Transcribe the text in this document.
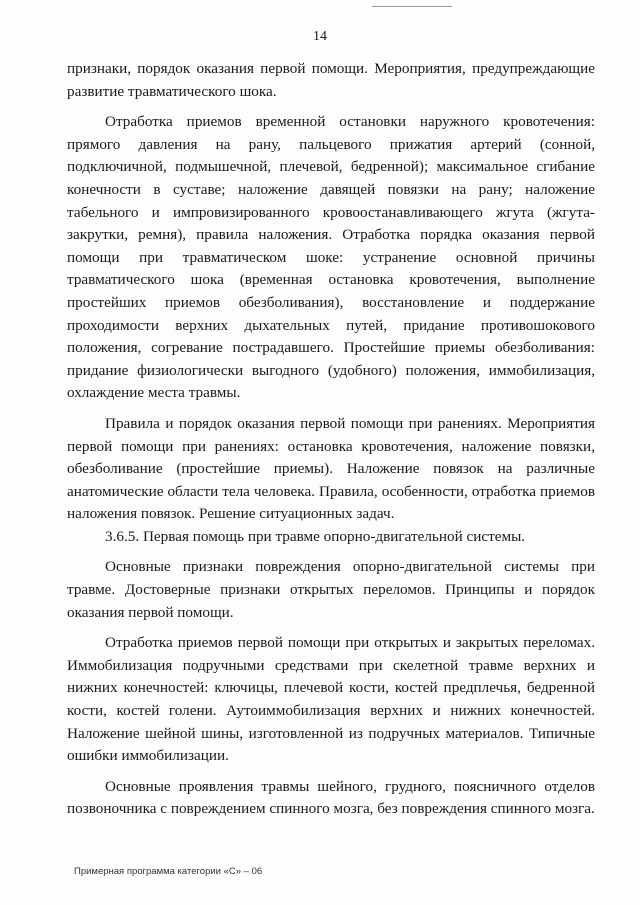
14

признаки, порядок оказания первой помощи. Мероприятия, предупреждающие развитие травматического шока.

Отработка приемов временной остановки наружного кровотечения: прямого давления на рану, пальцевого прижатия артерий (сонной, подключичной, подмышечной, плечевой, бедренной); максимальное сгибание конечности в суставе; наложение давящей повязки на рану; наложение табельного и импровизированного кровоостанавливающего жгута (жгута-закрутки, ремня), правила наложения. Отработка порядка оказания первой помощи при травматическом шоке: устранение основной причины травматического шока (временная остановка кровотечения, выполнение простейших приемов обезболивания), восстановление и поддержание проходимости верхних дыхательных путей, придание противошокового положения, согревание пострадавшего. Простейшие приемы обезболивания: придание физиологически выгодного (удобного) положения, иммобилизация, охлаждение места травмы.

Правила и порядок оказания первой помощи при ранениях. Мероприятия первой помощи при ранениях: остановка кровотечения, наложение повязки, обезболивание (простейшие приемы). Наложение повязок на различные анатомические области тела человека. Правила, особенности, отработка приемов наложения повязок. Решение ситуационных задач.

3.6.5. Первая помощь при травме опорно-двигательной системы.

Основные признаки повреждения опорно-двигательной системы при травме. Достоверные признаки открытых переломов. Принципы и порядок оказания первой помощи.

Отработка приемов первой помощи при открытых и закрытых переломах. Иммобилизация подручными средствами при скелетной травме верхних и нижних конечностей: ключицы, плечевой кости, костей предплечья, бедренной кости, костей голени. Аутоиммобилизация верхних и нижних конечностей. Наложение шейной шины, изготовленной из подручных материалов. Типичные ошибки иммобилизации.

Основные проявления травмы шейного, грудного, поясничного отделов позвоночника с повреждением спинного мозга, без повреждения спинного мозга.

Примерная программа категории «С» – 06
